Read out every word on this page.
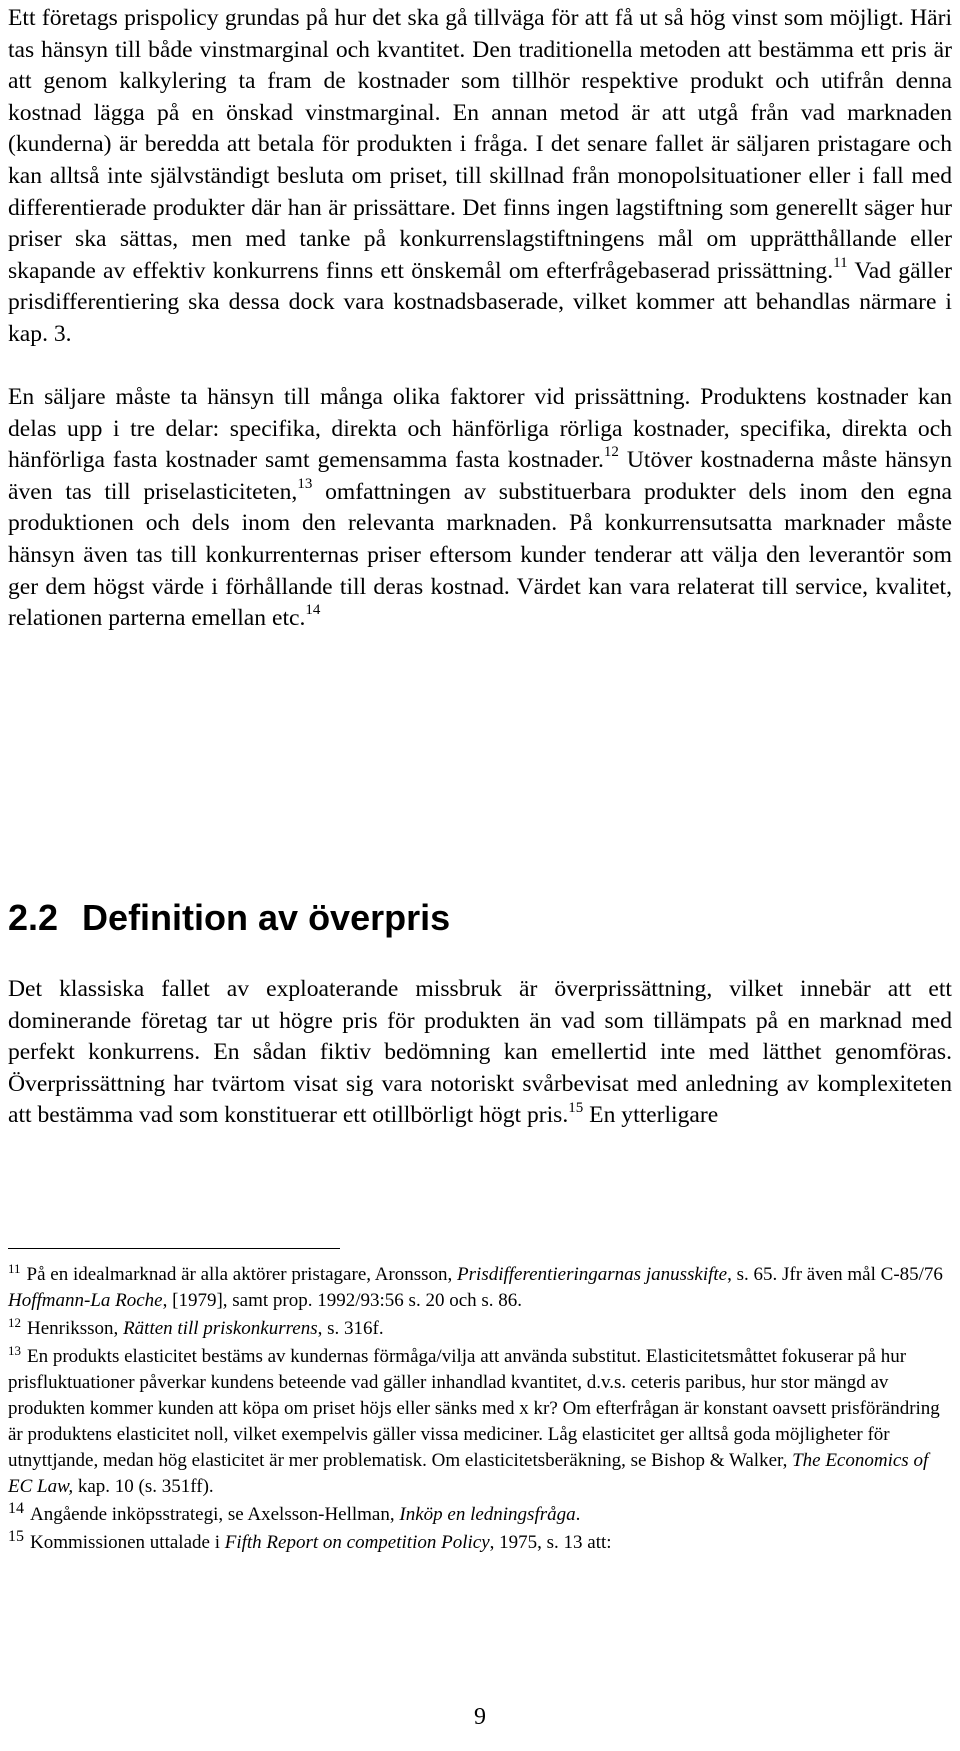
Ett företags prispolicy grundas på hur det ska gå tillväga för att få ut så hög vinst som möjligt. Häri tas hänsyn till både vinstmarginal och kvantitet. Den traditionella metoden att bestämma ett pris är att genom kalkylering ta fram de kostnader som tillhör respektive produkt och utifrån denna kostnad lägga på en önskad vinstmarginal. En annan metod är att utgå från vad marknaden (kunderna) är beredda att betala för produkten i fråga. I det senare fallet är säljaren pristagare och kan alltså inte självständigt besluta om priset, till skillnad från monopolsituationer eller i fall med differentierade produkter där han är prissättare. Det finns ingen lagstiftning som generellt säger hur priser ska sättas, men med tanke på konkurrenslagstiftningens mål om upprätthållande eller skapande av effektiv konkurrens finns ett önskemål om efterfrågebaserad prissättning.$^{11}$ Vad gäller prisdifferentiering ska dessa dock vara kostnadsbaserade, vilket kommer att behandlas närmare i kap. 3.

En säljare måste ta hänsyn till många olika faktorer vid prissättning. Produktens kostnader kan delas upp i tre delar: specifika, direkta och hänförliga rörliga kostnader, specifika, direkta och hänförliga fasta kostnader samt gemensamma fasta kostnader.$^{12}$ Utöver kostnaderna måste hänsyn även tas till priselasticiteten,$^{13}$ omfattningen av substituerbara produkter dels inom den egna produktionen och dels inom den relevanta marknaden. På konkurrensutsatta marknader måste hänsyn även tas till konkurrenternas priser eftersom kunder tenderar att välja den leverantör som ger dem högst värde i förhållande till deras kostnad. Värdet kan vara relaterat till service, kvalitet, relationen parterna emellan etc.$^{14}$

2.2 Definition av överpris

Det klassiska fallet av exploaterande missbruk är överprissättning, vilket innebär att ett dominerande företag tar ut högre pris för produkten än vad som tillämpats på en marknad med perfekt konkurrens. En sådan fiktiv bedömning kan emellertid inte med lätthet genomföras. Överprissättning har tvärtom visat sig vara notoriskt svårbevisat med anledning av komplexiteten att bestämma vad som konstituerar ett otillbörligt högt pris.$^{15}$ En ytterligare

$^{11}$ På en idealmarknad är alla aktörer pristagare, Aronsson, Prisdifferentieringarnas janusskifte, s. 65. Jfr även mål C-85/76 Hoffmann-La Roche, [1979], samt prop. 1992/93:56 s. 20 och s. 86.

$^{12}$ Henriksson, Rätten till priskonkurrens, s. 316f.

$^{13}$ En produkts elasticitet bestäms av kundernas förmåga/vilja att använda substitut. Elasticitetsmåttet fokuserar på hur prisfluktuationer påverkar kundens beteende vad gäller inhandlad kvantitet, d.v.s. ceteris paribus, hur stor mängd av produkten kommer kunden att köpa om priset höjs eller sänks med x kr? Om efterfrågan är konstant oavsett prisförändring är produktens elasticitet noll, vilket exempelvis gäller vissa mediciner. Låg elasticitet ger alltså goda möjligheter för utnyttjande, medan hög elasticitet är mer problematisk. Om elasticitetsberäkning, se Bishop & Walker, The Economics of EC Law, kap. 10 (s. 351ff).

$^{14}$ Angående inköpsstrategi, se Axelsson-Hellman, Inköp en ledningsfråga.

$^{15}$ Kommissionen uttalade i Fifth Report on competition Policy, 1975, s. 13 att:

9
